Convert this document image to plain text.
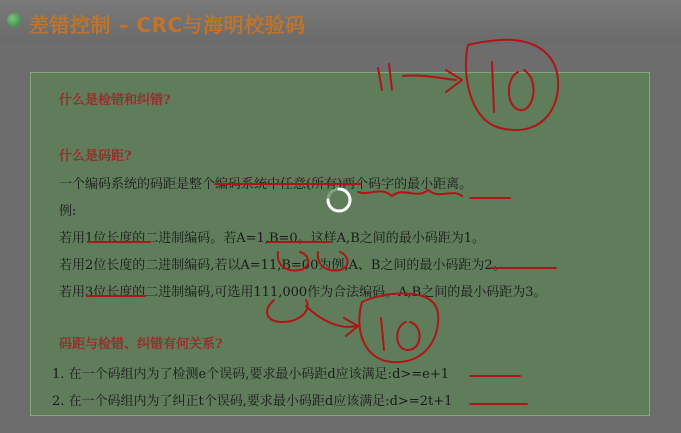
差错控制 – CRC与海明校验码
什么是检错和纠错?
什么是码距?
一个编码系统的码距是整个编码系统中任意(所有)两个码字的最小距离。
例:
若用1位长度的二进制编码。若A=1,B=0。这样A,B之间的最小码距为1。
若用2位长度的二进制编码,若以A=11,B=00为例,A、B之间的最小码距为2。
若用3位长度的二进制编码,可选用111,000作为合法编码。A,B之间的最小码距为3。
码距与检错、纠错有何关系?
1. 在一个码组内为了检测e个误码,要求最小码距d应该满足:d>=e+1
2. 在一个码组内为了纠正t个误码,要求最小码距d应该满足:d>=2t+1
